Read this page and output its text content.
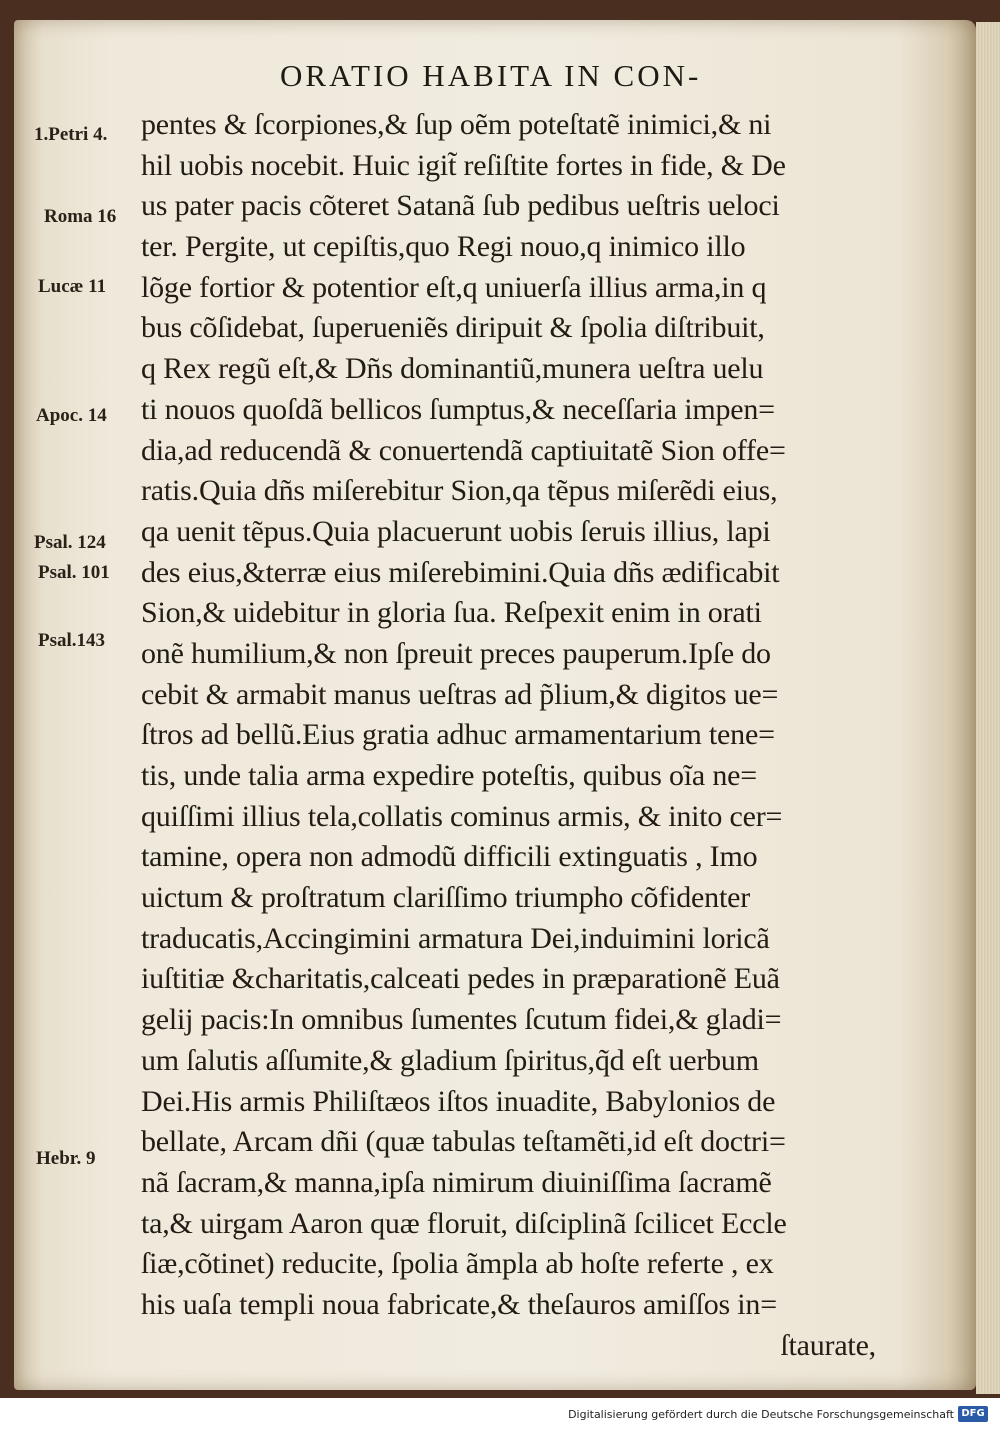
ORATIO HABITA IN CON-
1.Petri 4.
Roma 16
Lucæ 11
Apoc. 14
Psal. 124
Psal. 101
Psal.143
Hebr. 9
pentes & ſcorpiones,& ſup oẽm poteſtatẽ inimici,& ni
hil uobis nocebit. Huic igit̃ reſiſtite fortes in fide, & De
us pater pacis cõteret Satanã ſub pedibus ueſtris ueloci
ter. Pergite, ut cepiſtis,quo Regi nouo,q inimico illo
lõge fortior & potentior eſt,q uniuerſa illius arma,in q
bus cõſidebat, ſuperueniẽs diripuit & ſpolia diſtribuit,
q Rex regũ eſt,& Dñs dominantiũ,munera ueſtra uelu
ti nouos quoſdã bellicos ſumptus,& neceſſaria impen=
dia,ad reducendã & conuertendã captiuitatẽ Sion offe=
ratis.Quia dñs miſerebitur Sion,qa tẽpus miſerẽdi eius,
qa uenit tẽpus.Quia placuerunt uobis ſeruis illius, lapi
des eius,&terræ eius miſerebimini.Quia dñs ædificabit
Sion,& uidebitur in gloria ſua. Reſpexit enim in orati
onẽ humilium,& non ſpreuit preces pauperum.Ipſe do
cebit & armabit manus ueſtras ad p̃lium,& digitos ue=
ſtros ad bellũ.Eius gratia adhuc armamentarium tene=
tis, unde talia arma expedire poteſtis, quibus oĩa ne=
quiſſimi illius tela,collatis cominus armis, & inito cer=
tamine, opera non admodũ difficili extinguatis , Imo
uictum & proſtratum clariſſimo triumpho cõfidenter
traducatis,Accingimini armatura Dei,induimini loricã
iuſtitiæ &charitatis,calceati pedes in præparationẽ Euã
gelij pacis:In omnibus ſumentes ſcutum fidei,& gladi=
um ſalutis aſſumite,& gladium ſpiritus,q̃d eſt uerbum
Dei.His armis Philiſtæos iſtos inuadite, Babylonios de
bellate, Arcam dñi (quæ tabulas teſtamẽti,id eſt doctri=
nã ſacram,& manna,ipſa nimirum diuiniſſima ſacramẽ
ta,& uirgam Aaron quæ floruit, diſciplinã ſcilicet Eccle
ſiæ,cõtinet) reducite, ſpolia ãmpla ab hoſte referte , ex
his uaſa templi noua fabricate,& theſauros amiſſos in=
ſtaurate,
Digitalisierung gefördert durch die Deutsche Forschungsgemeinschaft DFG
